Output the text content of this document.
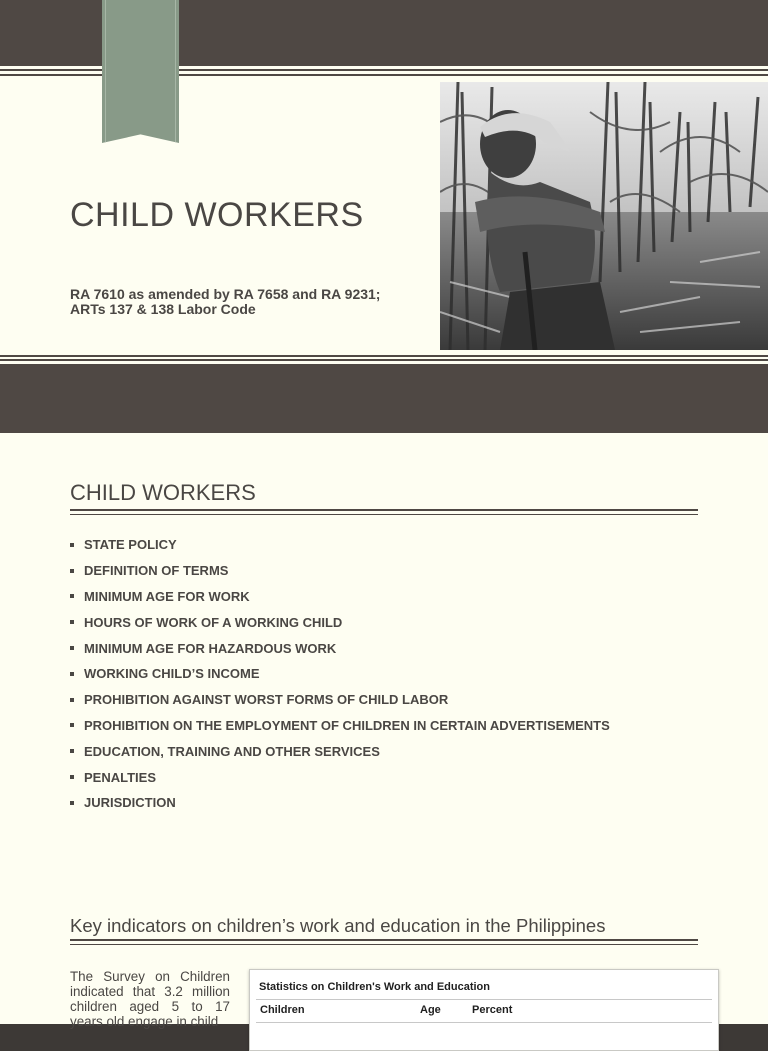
CHILD WORKERS

RA 7610 as amended by RA 7658 and RA 9231;
ARTs 137 & 138 Labor Code

CHILD WORKERS
STATE POLICY
DEFINITION OF TERMS
MINIMUM AGE FOR WORK
HOURS OF WORK OF A WORKING CHILD
MINIMUM AGE FOR HAZARDOUS WORK
WORKING CHILD’S INCOME
PROHIBITION AGAINST WORST FORMS OF CHILD LABOR
PROHIBITION ON THE EMPLOYMENT OF CHILDREN IN CERTAIN ADVERTISEMENTS
EDUCATION, TRAINING AND OTHER SERVICES
PENALTIES
JURISDICTION
Key indicators on children’s work and education in the Philippines

The Survey on Children indicated that 3.2 million children aged 5 to 17 years old engage in child

Statistics on Children's Work and Education
Children	Age	Percent
